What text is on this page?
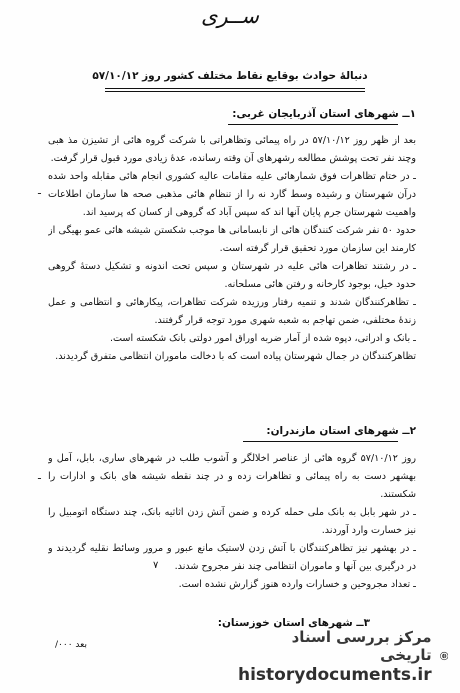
ســری
دنبالۀ حوادث بوقایع نقاط مختلف کشور روز ۵۷/۱۰/۱۲
۱ــ شهرهای استان آذربایجان غربی:

بعد از ظهر روز ۵۷/۱۰/۱۲ در راه پیمائی وتظاهراتی با شرکت گروه هائی از تشیزن مذ هبی وچند نفر تحت پوشش مطالعه رشهرهای آن وقته رسانده، عدۀ زیادی مورد قبول قرار گرفت.

ـ در ختام تظاهرات فوق شمارهائی علیه مقامات عالیه کشوری انجام هائی مقابله واحد شده درآن شهرستان و رشیده وسط گارد نه را از تنظام هائی مذهبی صحه ها سازمان اطلاعات واهمیت شهرستان جرم پایان آنها اند که سپس آباد که گروهی از کسان که پرسید اند.

حدود ۵۰ نفر شرکت کنندگان هائی از نابسامانی ها موجب شکستن شیشه هائی عمو بهیگی از کارمند این سازمان مورد تحقیق قرار گرفته است.

ـ در رشتند تظاهرات هائی علیه در شهرستان و سپس تحت اندونه و تشکیل دستهٔ گروهی حدود خیل، بوجود کارخانه و رفتن هائی مسلحانه.

ـ تظاهرکنندگان شدند و تنمیه رفتار ورزیده شرکت تظاهرات، پیکارهائی و انتظامی و عمل زندهٔ مختلفی، ضمن تهاجم به شعبه شهری مورد توجه قرار گرفتند.

ـ بانک و ادراتی، دپوه شده از آمار ضربه اوراق امور دولتی بانک شکسته است.

تظاهرکنندگان در جمال شهرستان پیاده است که با دخالت ماموران انتظامی متفرق گردیدند.

۲ــ شهرهای استان مازندران:

روز ۵۷/۱۰/۱۲ گروه هائی از عناصر اخلالگر و آشوب طلب در شهرهای ساری، بابل، آمل و بهشهر دست به راه پیمائی و تظاهرات زده و در چند نقطه شیشه های بانک و ادارات را شکستند.

ـ در شهر بابل به بانک ملی حمله کرده و ضمن آتش زدن اثاثیه بانک، چند دستگاه اتومبیل را نیز خسارت وارد آوردند.

ـ در بهشهر نیز تظاهرکنندگان با آتش زدن لاستیک مانع عبور و مرور وسائط نقلیه گردیدند و در درگیری بین آنها و ماموران انتظامی چند نفر مجروح شدند.

ـ تعداد مجروحین و خسارات وارده هنوز گزارش نشده است.

ـ
ـ
۷
۳ــ شهرهای استان خوزستان:
بعد ۰۰۰/	مرکز بررسی اسناد تاریخی
historydocuments.ir
